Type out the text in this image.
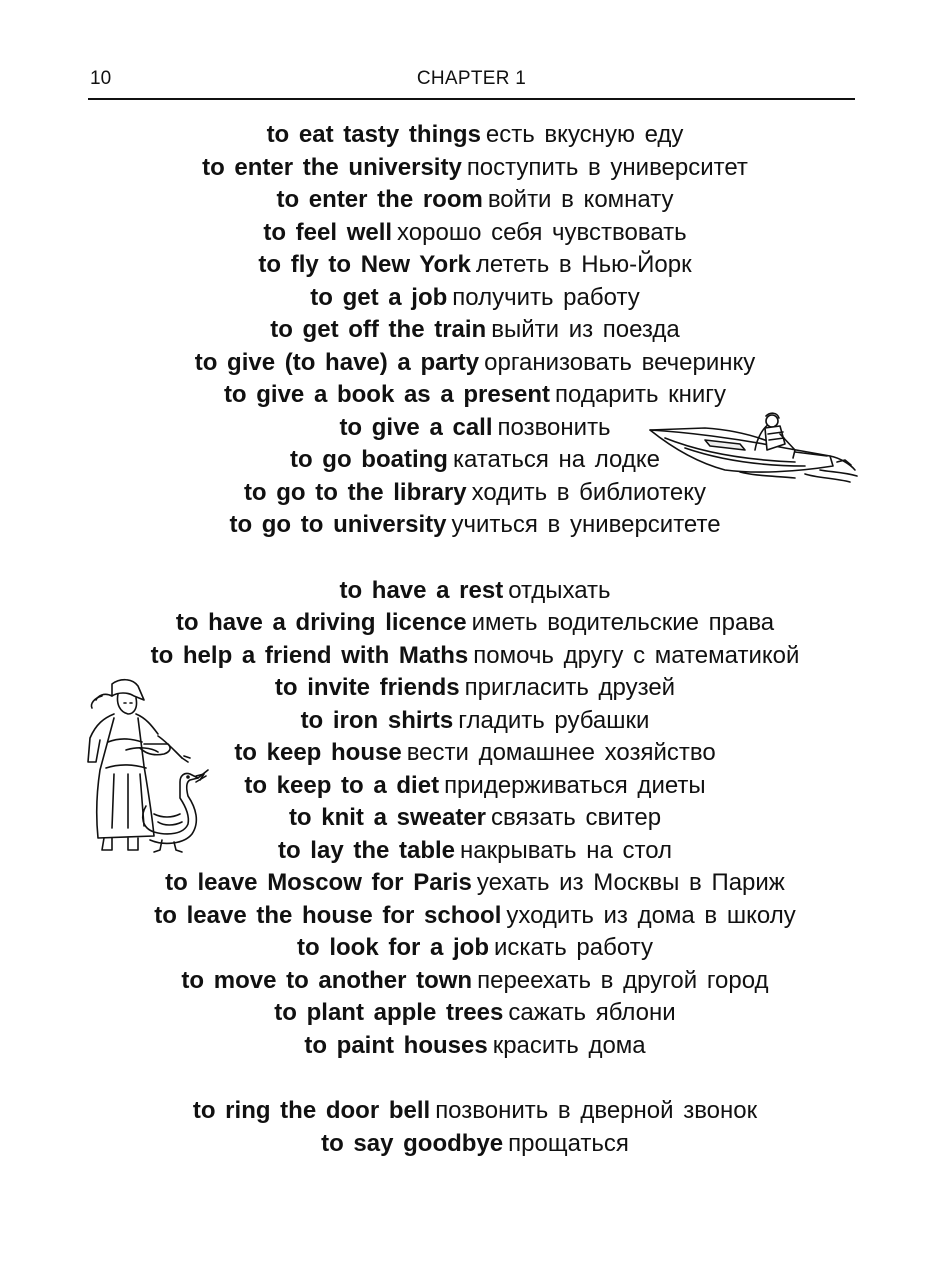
10	CHAPTER 1
to eat tasty things есть вкусную еду
to enter the university поступить в университет
to enter the room войти в комнату
to feel well хорошо себя чувствовать
to fly to New York лететь в Нью-Йорк
to get a job получить работу
to get off the train выйти из поезда
to give (to have) a party организовать вечеринку
to give a book as a present подарить книгу
to give a call позвонить
to go boating кататься на лодке
to go to the library ходить в библиотеку
to go to university учиться в университете
to have a rest отдыхать
to have a driving licence иметь водительские права
to help a friend with Maths помочь другу с математикой
to invite friends пригласить друзей
to iron shirts гладить рубашки
to keep house вести домашнее хозяйство
to keep to a diet придерживаться диеты
to knit a sweater связать свитер
to lay the table накрывать на стол
to leave Moscow for Paris уехать из Москвы в Париж
to leave the house for school уходить из дома в школу
to look for a job искать работу
to move to another town переехать в другой город
to plant apple trees сажать яблони
to paint houses красить дома
to ring the door bell позвонить в дверной звонок
to say goodbye прощаться
